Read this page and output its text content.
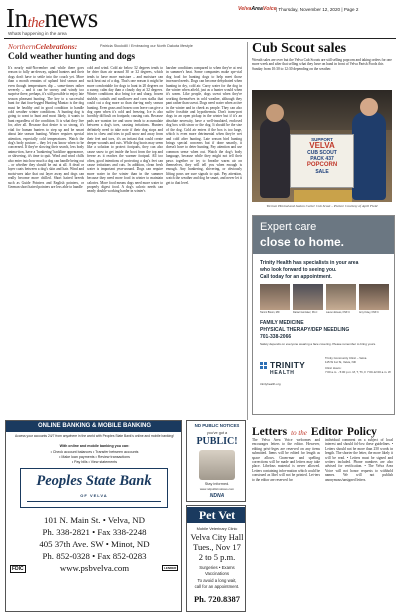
Inthenews
Whats happening in the area
VelvaAreaVoice | Thursday, November 12, 2020 | Page 2
NorthernCelebrations:	Patricia Stockdill / Embracing our North Dakota lifestyle
Cold weather hunting and dogs
It's nearly mid-November and while there goes reason to fully un-derway, upland hunters and their dogs don't have to settle into the couch yet. More than a month remains of upland bird season and even though temperatures dip – some-times rather severely – and it can be snowy and windy too surprise there, perhaps, it's still possible to enjoy late season pheasant hunting. The key to a successful hunt for that four-legged Hunting Maniac is the dog must be healthy and in good condition to handle cold weather winter conditions. A hunting dog is going to want to hunt and most likely, it wants to hunt regardless of the condition. It is what they live for, after all. Because that desire is so strong, it's vital for human hunters to step up and be smart about late season hunting. Winter requires special attention, especially cold temperatures. Watch the dog's body posture – they let you know when to be concerned. If they're slowing their search, less body anima-tion, have a 'hunkering' backline appearance, or shivering, it's time to quit. Wind and wind chills also enter into how much a dog can handle being out – or whether they should be out at all. A dead or layer coats between a dog's skin and hair. Wind and moist-ures take that out layer away and dogs can really become more chilled. Short haired breeds such as Guide Pointers and English pointers, or German short haired pointers are less able to handle
cold and wind. Cold air below 32 degrees tends to be drier than air around 30 or 32 degrees, which tends to have more moisture – and moisture can suck heat out of a dog. That's one reason it might be more comfortable for dogs to hunt in 20 degrees on a sunny, calm day than a cloudy day at 32 degrees. Winter conditions also bring ice and sharp, frozen stubble, cattails and sunflower and corn stalks that could cut a dog more so than dur-ing early season hunting. Even grass and frozen corn leave can give a dog open when it's cold and freezing. Ice is also horribly difficult on footpads; causing cuts. Because pads are wanton ice and snow tends to accumulate between a dog's toes, causing irritations. Hunters definitely need to take note if their dog stops and tries to chew and tries to pull snow and away from their feet and toes, it's an irritant that could create deeper wounds and cuts. While dog boots may seem like a solution to protect footpads, they can also cause snow to get inside the boot from the top and freeze as it reaches the warmer footpad. All too often, good intentions of protecting a dog's feet can cause irritations and cuts. In addition, clean fresh water is important year-around. Dogs can require more water in the winter than in the summer because they need more food in winter to maintain calories. More food means dogs need more water to properly digest food. A dog's caloric needs can nearly double working harder in winter's
harsher conditions compared to when they're at rest in summer's heat. Some companies make spe-cial dog food for hunting dogs to help meet those increased needs. Dogs can become dehydrated when hunting in dry, cold air. Carry water for the dog in the winter when afield, just as a hunter would when it's warm. Like people, dogs sweat when they're working themselves in cold weather, although they pant rather than sweat. Dogs need water when active in the winter and in cheek as people. They can also suffer frostbite and hypothermia. Don't trans-port dogs in an open pickup in the winter but if it's an absolute necessity, have a well-insulated, enclosed dog box with straw or the dog. It should be the size of the dog. Cold air enters if the box is too large, which is even more detrimental when they're wet and cold after hunting. Late season bird hunting brings special concerns but if done smartly, it doesn't have to deter hunting. Pay attention and use common sense when out. Watch the dog's body language, because while they might not tell their paws together or try to breathe warm air on themselves, they will tell you when enough is enough. Any hunkering, shivering, or obviously lifting paws are sure signals to quit. Pay attention, watch the weather and dog be smart, and never let it get to that level.
Cub Scout sales
Wreath sales are over but the Velva Cub Scouts are still selling popcorn and taking orders for one more week and after that selling what they have on hand in front of Velva Parish Foods this Sunday from 10:30 to 12:30 depending on the weather.
SUPPORT
VELVA
CUB SCOUT
PACK 437
POPCORN
SALE
Tiernen Hovind and Jaxton Carter Cub Scout – Picture Courtesy of April Field
Expert care
close to home.
Trinity Health has specialists in your area
who look forward to seeing you.
Call today for an appointment.
Tammi Bloom, MD	Daniel Gonzalez, PA-C	Lauren Elness, FNP-C	Amy Koley, FNP-C
FAMILY MEDICINE
PHYSICAL THERAPY/DEP NEEDLING
701-338-2066
Safety depends on everyone wearing a face covering. Please remember to bring yours.
TRINITY
HEALTH
trinityhealth.org
Trinity Community Clinic – Velva
115 W 1st St, Velva, ND
Clinic Hours:
7:00 a.m. - 5:00 p.m. M, T, Th, F 7:00-12:00 a.m. W
ONLINE BANKING & MOBILE BANKING
Access your accounts 24/7 from anywhere in the world with Peoples State Bank's online and mobile banking!
With online and mobile banking you can:
• Check account balances • Transfer between accounts
• Make loan payments • Review transactions
• Pay bills • View statements
Peoples State Bank
OF VELVA
101 N. Main St. • Velva, ND
Ph. 338-2821 • Fax 338-2248
405 37th Ave. SW • Minot, ND
Ph. 852-0328 • Fax 852-0283
www.psbvelva.com
FDIC	LENDER
ND PUBLIC NOTICES
you've got a
PUBLIC!
Stay informed.
www.ndpublicnotices.com
NDNA
Pet Vet
Mobile Veterinary Clinic
Velva City Hall
Tues., Nov 17
2 to 5 p.m.
Surgeries • Exams
Vaccinations
To avoid a long wait,
call for an appointment.
Ph. 720.8387
Letters to the Editor Policy
The Velva Area Voice welcomes and encourages letters to the editor. However, editing privi-leges are reserved on any items submitted. Items will be edited for length as space allows. Gram-mar and spelling corrections will be made and letters may take place. Libelous material is never allowed. Letters containing infor-mation which could be construed as libel will not be printed. Let-ters to the editor are reserved for
individual comment on a subject of local interest and should fol-low these guidelines. • Letters should not be more than 250 words in length. The shorter the letter, the more likely it will be read. • Letters must be signed and writers included. Phone numbers are also advised for verification. • The Velva Area Voice will not honor requests to withhold names. We will not publish anonymous/unsigned letters.
